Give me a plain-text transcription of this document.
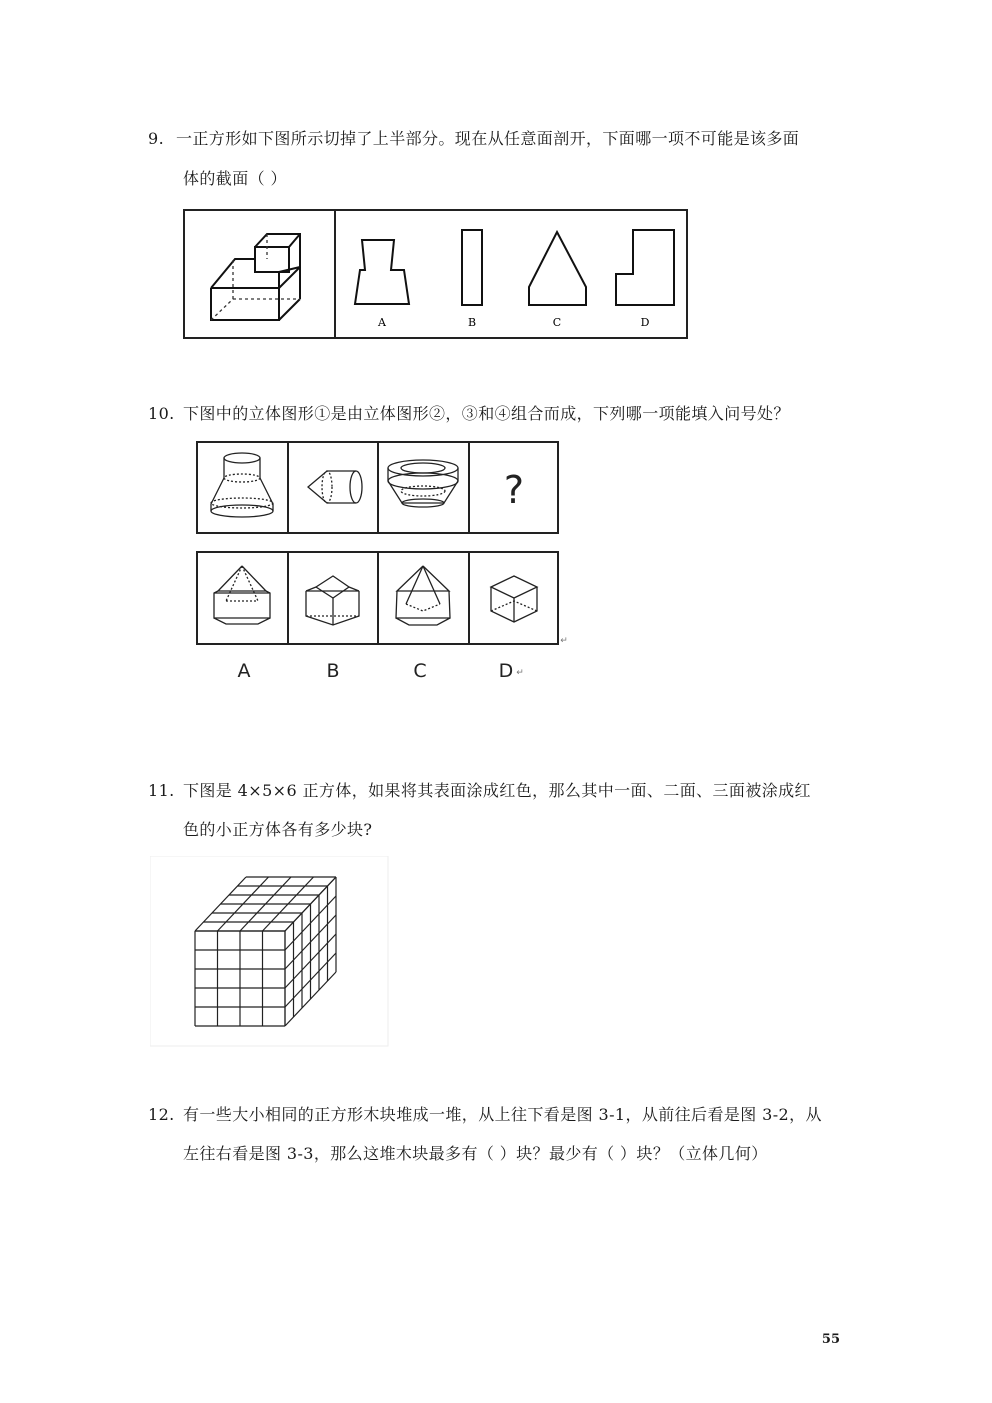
9. 一正方形如下图所示切掉了上半部分。现在从任意面剖开，下面哪一项不可能是该多面
体的截面（ ）
A	B	C	D
10. 下图中的立体图形①是由立体图形②，③和④组合而成，下列哪一项能填入问号处？
?
↵
A	B	C	D ↵
11. 下图是 4×5×6 正方体，如果将其表面涂成红色，那么其中一面、二面、三面被涂成红
色的小正方体各有多少块?
12. 有一些大小相同的正方形木块堆成一堆，从上往下看是图 3-1，从前往后看是图 3-2，从
左往右看是图 3-3，那么这堆木块最多有（ ）块？最少有（ ）块？（立体几何）
55
